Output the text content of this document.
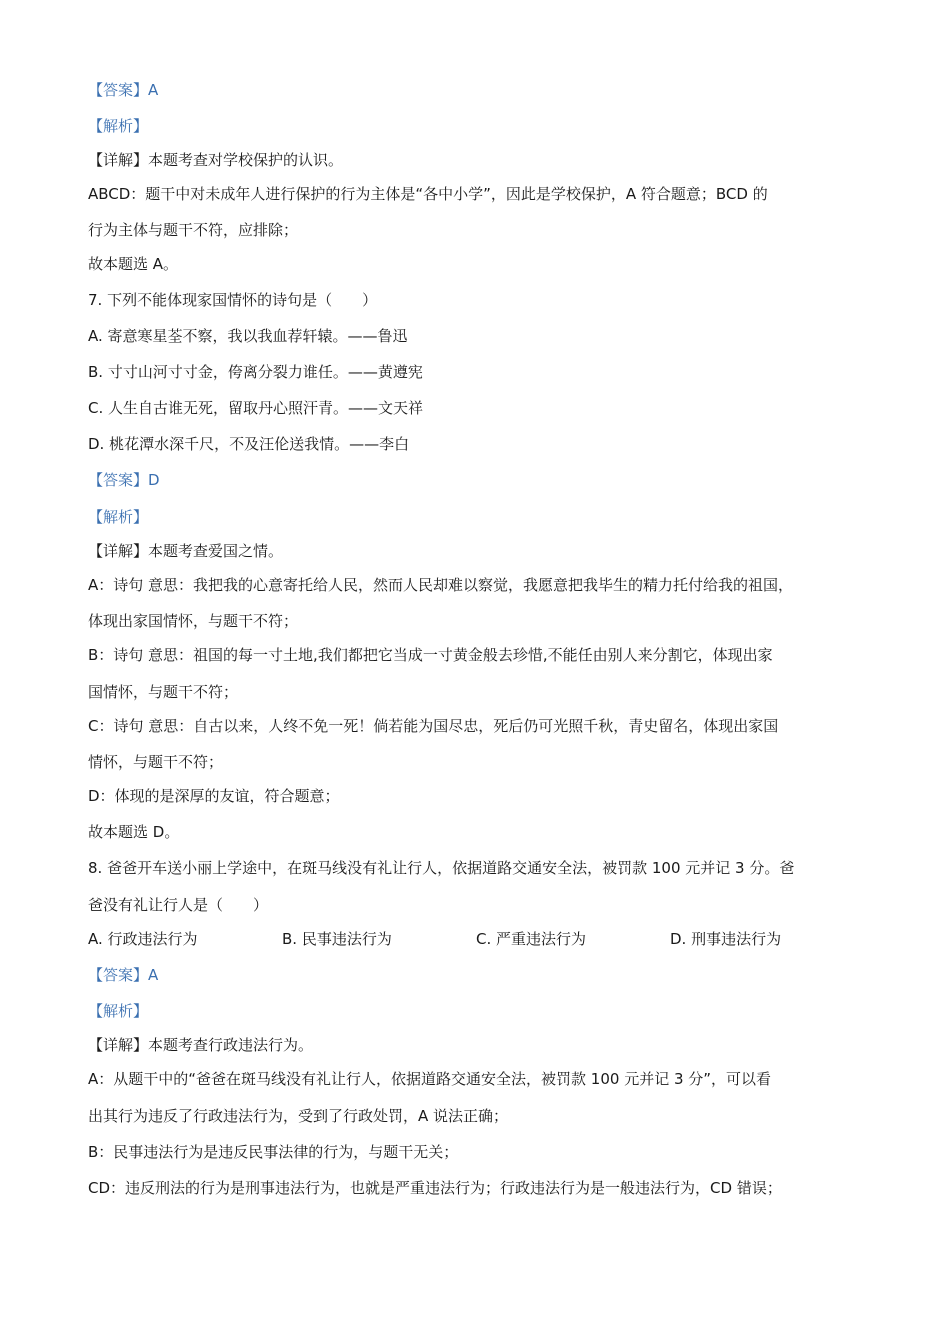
【答案】A
【解析】
【详解】本题考查对学校保护的认识。
ABCD：题干中对未成年人进行保护的行为主体是“各中小学”，因此是学校保护，A 符合题意；BCD 的
行为主体与题干不符，应排除；
故本题选 A。
7. 下列不能体现家国情怀的诗句是（　　）
A. 寄意寒星荃不察，我以我血荐轩辕。——鲁迅
B. 寸寸山河寸寸金，侉离分裂力谁任。——黄遵宪
C. 人生自古谁无死，留取丹心照汗青。——文天祥
D. 桃花潭水深千尺，不及汪伦送我情。——李白
【答案】D
【解析】
【详解】本题考查爱国之情。
A：诗句 意思：我把我的心意寄托给人民，然而人民却难以察觉，我愿意把我毕生的精力托付给我的祖国，
体现出家国情怀，与题干不符；
B：诗句 意思：祖国的每一寸土地,我们都把它当成一寸黄金般去珍惜,不能任由别人来分割它，体现出家
国情怀，与题干不符；
C：诗句 意思：自古以来，人终不免一死！倘若能为国尽忠，死后仍可光照千秋，青史留名，体现出家国
情怀，与题干不符；
D：体现的是深厚的友谊，符合题意；
故本题选 D。
8. 爸爸开车送小丽上学途中，在斑马线没有礼让行人，依据道路交通安全法，被罚款 100 元并记 3 分。爸
爸没有礼让行人是（　　）
A. 行政违法行为	B. 民事违法行为	C. 严重违法行为	D. 刑事违法行为
【答案】A
【解析】
【详解】本题考查行政违法行为。
A：从题干中的“爸爸在斑马线没有礼让行人，依据道路交通安全法，被罚款 100 元并记 3 分”，可以看
出其行为违反了行政违法行为，受到了行政处罚，A 说法正确；
B：民事违法行为是违反民事法律的行为，与题干无关；
CD：违反刑法的行为是刑事违法行为，也就是严重违法行为；行政违法行为是一般违法行为，CD 错误；
